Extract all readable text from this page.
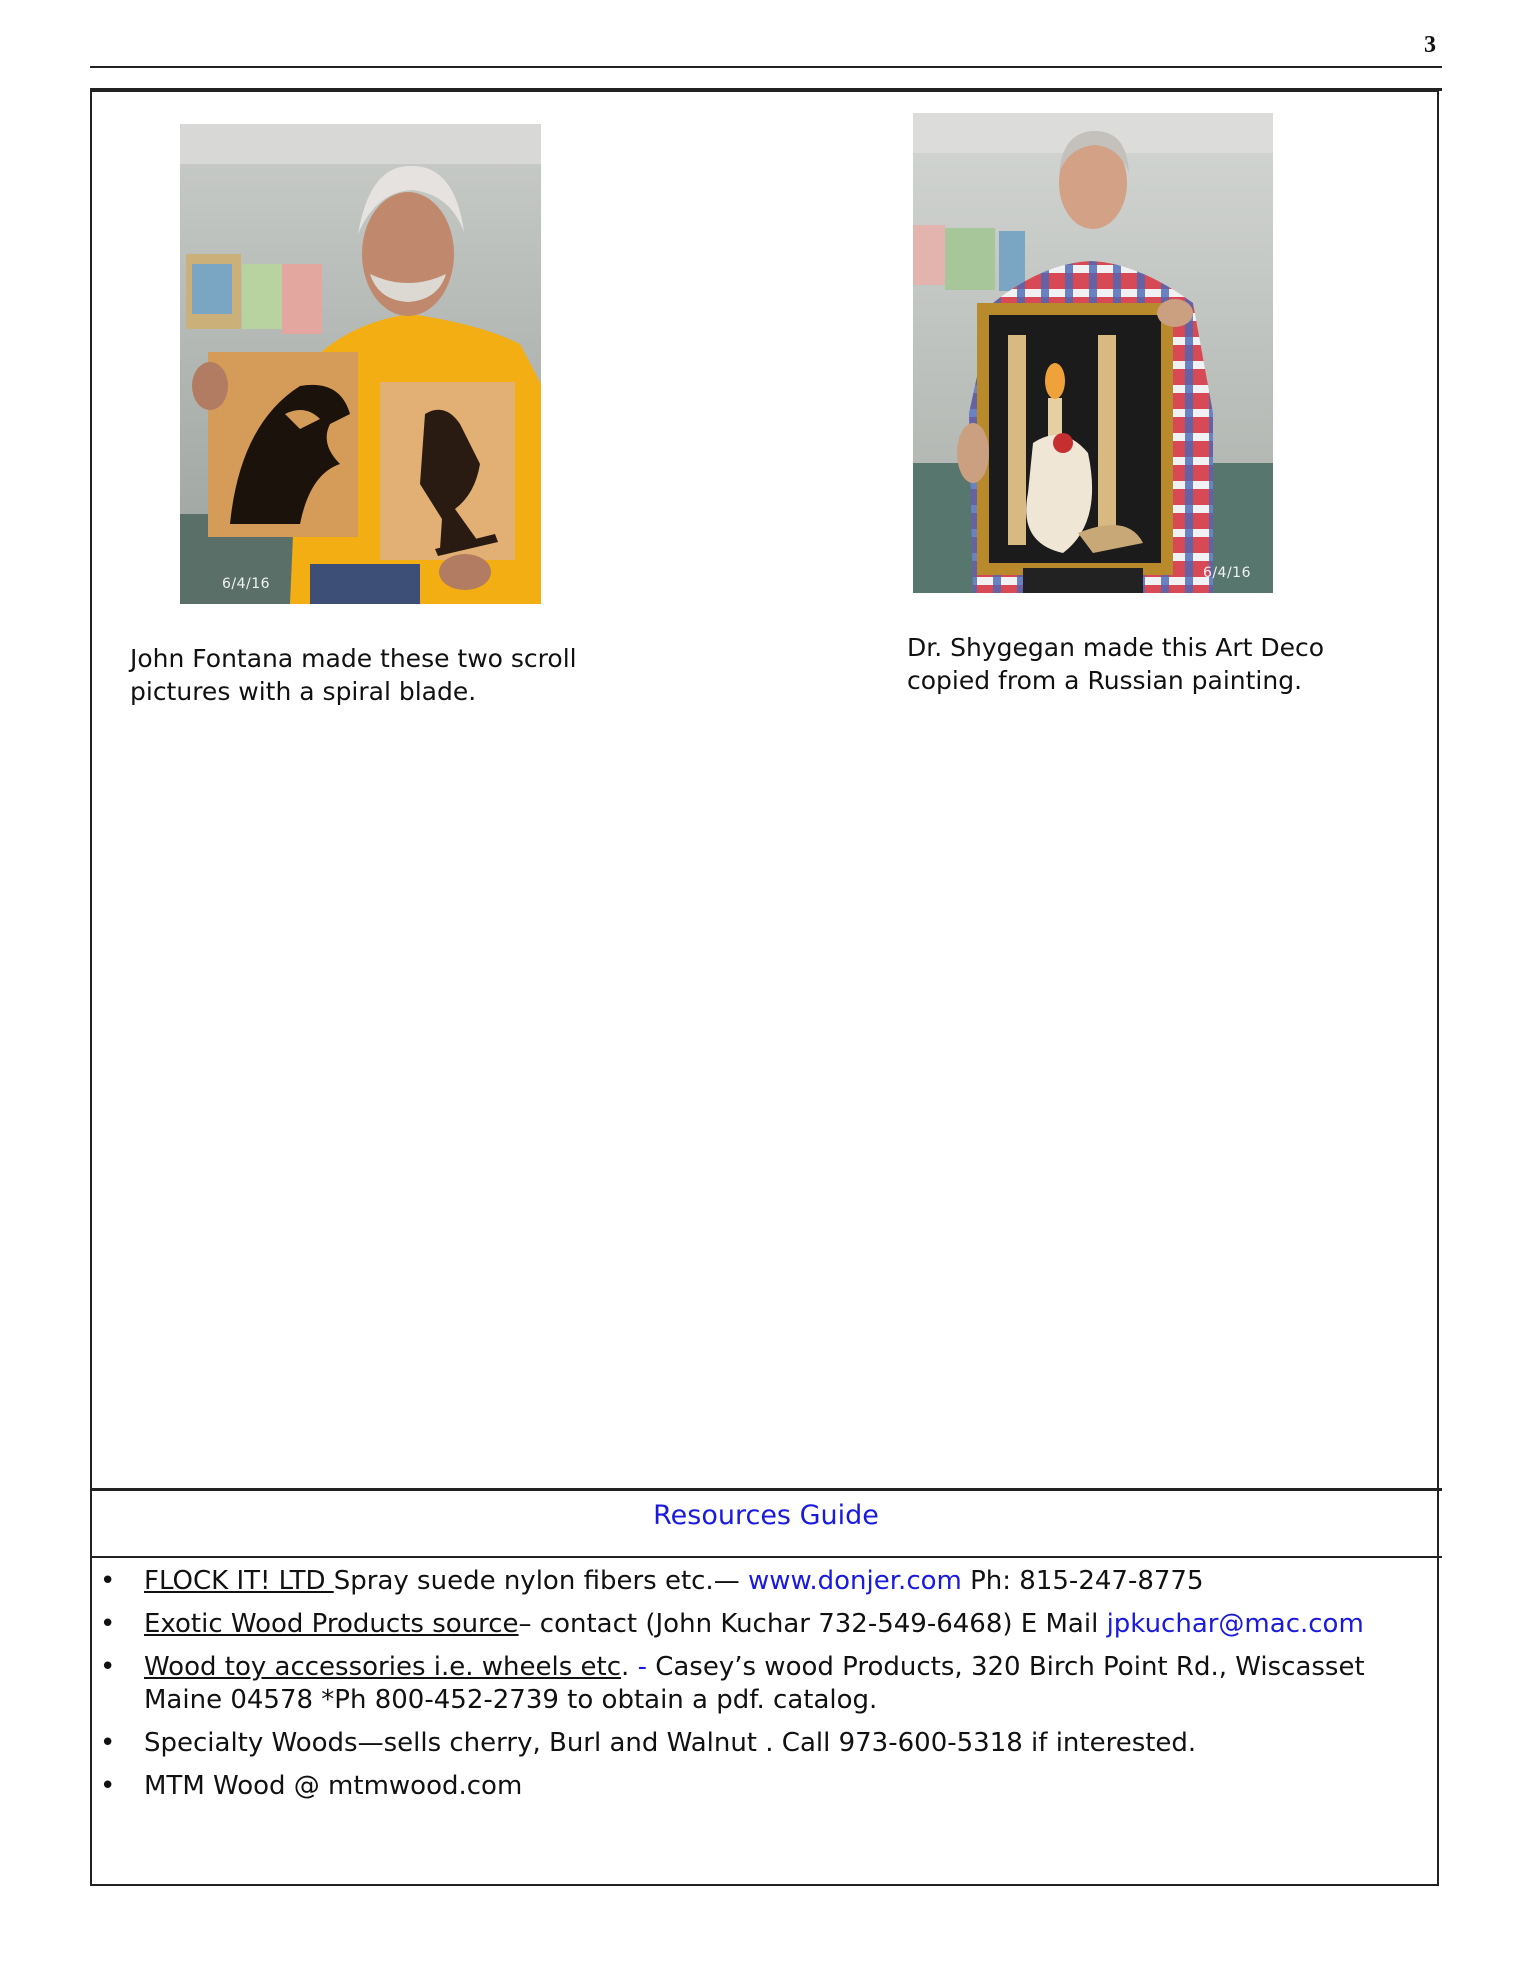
3
6/4/16
John Fontana made these two scroll
pictures with a spiral blade.
6/4/16
Dr. Shygegan made this Art Deco
copied from a Russian painting.
Resources Guide
• FLOCK IT! LTD Spray suede nylon fibers etc.— www.donjer.com Ph: 815-247-8775
• Exotic Wood Products source– contact (John Kuchar 732-549-6468) E Mail jpkuchar@mac.com
• Wood toy accessories i.e. wheels etc. - Casey’s wood Products, 320 Birch Point Rd., Wiscasset Maine 04578 *Ph 800-452-2739 to obtain a pdf. catalog.
• Specialty Woods—sells cherry, Burl and Walnut . Call 973-600-5318 if interested.
• MTM Wood @ mtmwood.com
